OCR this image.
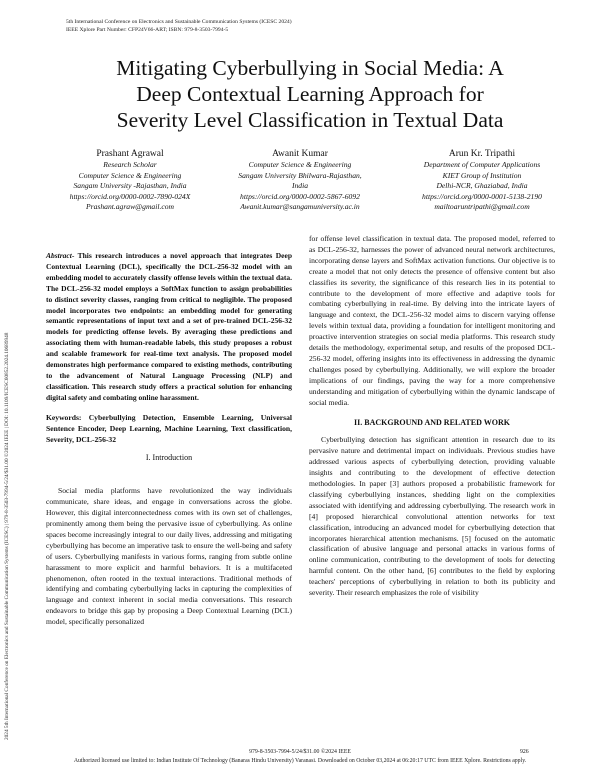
5th International Conference on Electronics and Sustainable Communication Systems (ICESC 2024)
IEEE Xplore Part Number: CFP24V66-ART; ISBN: 979-8-3503-7994-5
2024 5th International Conference on Electronics and Sustainable Communication Systems (ICESC) | 979-8-3503-7994-5/24/$31.00 ©2024 IEEE | DOI: 10.1109/ICESC60852.2024.10689948
Mitigating Cyberbullying in Social Media: A
Deep Contextual Learning Approach for
Severity Level Classification in Textual Data
Prashant Agrawal
Research Scholar
Computer Science & Engineering
Sangam University -Rajasthan, India
https://orcid.org/0000-0002-7890-024X
Prashant.agraw@gmail.com
Awanit Kumar
Computer Science & Engineering
Sangam University Bhilwara-Rajasthan,
India
https://orcid.org/0000-0002-5867-6092
Awanit.kumar@sangamuniversity.ac.in
Arun Kr. Tripathi
Department of Computer Applications
KIET Group of Institution
Delhi-NCR, Ghaziabad, India
https://orcid.org/0000-0001-5138-2190
mailtoaruntripathi@gmail.com

Abstract- This research introduces a novel approach that integrates Deep Contextual Learning (DCL), specifically the DCL-256-32 model with an embedding model to accurately classify offense levels within the textual data. The DCL-256-32 model employs a SoftMax function to assign probabilities to distinct severity classes, ranging from critical to negligible. The proposed model incorporates two endpoints: an embedding model for generating semantic representations of input text and a set of pre-trained DCL-256-32 models for predicting offense levels. By averaging these predictions and associating them with human-readable labels, this study proposes a robust and scalable framework for real-time text analysis. The proposed model demonstrates high performance compared to existing methods, contributing to the advancement of Natural Language Processing (NLP) and classification. This research study offers a practical solution for enhancing digital safety and combating online harassment.

Keywords: Cyberbullying Detection, Ensemble Learning, Universal Sentence Encoder, Deep Learning, Machine Learning, Text classification, Severity, DCL-256-32

I. Introduction

Social media platforms have revolutionized the way individuals communicate, share ideas, and engage in conversations across the globe. However, this digital interconnectedness comes with its own set of challenges, prominently among them being the pervasive issue of cyberbullying. As online spaces become increasingly integral to our daily lives, addressing and mitigating cyberbullying has become an imperative task to ensure the well-being and safety of users. Cyberbullying manifests in various forms, ranging from subtle online harassment to more explicit and harmful behaviors. It is a multifaceted phenomenon, often rooted in the textual interactions. Traditional methods of identifying and combating cyberbullying lacks in capturing the complexities of language and context inherent in social media conversations. This research endeavors to bridge this gap by proposing a Deep Contextual Learning (DCL) model, specifically personalized

for offense level classification in textual data. The proposed model, referred to as DCL-256-32, harnesses the power of advanced neural network architectures, incorporating dense layers and SoftMax activation functions. Our objective is to create a model that not only detects the presence of offensive content but also classifies its severity, the significance of this research lies in its potential to contribute to the development of more effective and adaptive tools for combating cyberbullying in real-time. By delving into the intricate layers of language and context, the DCL-256-32 model aims to discern varying offense levels within textual data, providing a foundation for intelligent monitoring and proactive intervention strategies on social media platforms. This research study details the methodology, experimental setup, and results of the proposed DCL-256-32 model, offering insights into its effectiveness in addressing the dynamic challenges posed by cyberbullying. Additionally, we will explore the broader implications of our findings, paving the way for a more comprehensive understanding and mitigation of cyberbullying within the dynamic landscape of social media.

II. BACKGROUND AND RELATED WORK

Cyberbullying detection has significant attention in research due to its pervasive nature and detrimental impact on individuals. Previous studies have addressed various aspects of cyberbullying detection, providing valuable insights and contributing to the development of effective detection methodologies. In paper [3] authors proposed a probabilistic framework for classifying cyberbullying instances, shedding light on the complexities associated with identifying and addressing cyberbullying. The research work in [4] proposed hierarchical convolutional attention networks for text classification, introducing an advanced model for cyberbullying detection that incorporates hierarchical attention mechanisms. [5] focused on the automatic classification of abusive language and personal attacks in various forms of online communication, contributing to the development of tools for detecting harmful content. On the other hand, [6] contributes to the field by exploring teachers' perceptions of cyberbullying in relation to both its publicity and severity. Their research emphasizes the role of visibility

979-8-3503-7994-5/24/$31.00 ©2024 IEEE	926
Authorized licensed use limited to: Indian Institute Of Technology (Banaras Hindu University) Varanasi. Downloaded on October 03,2024 at 06:20:17 UTC from IEEE Xplore. Restrictions apply.
